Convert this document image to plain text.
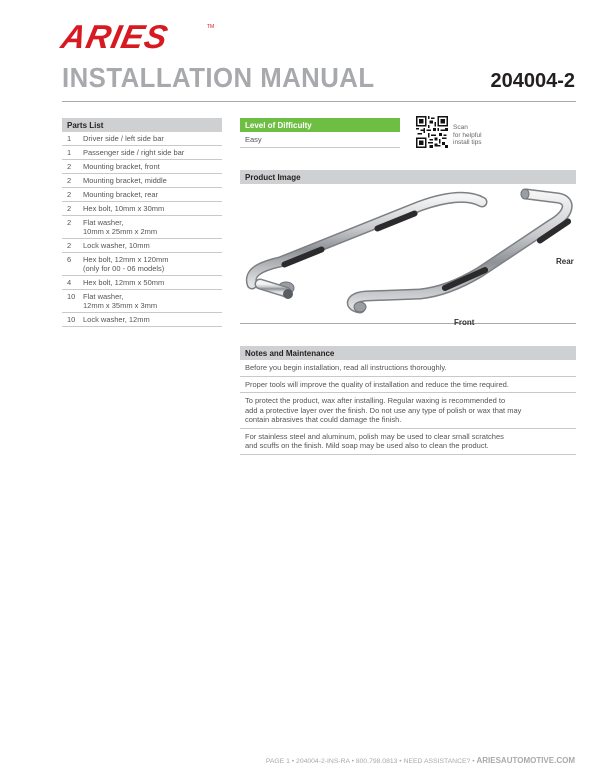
ARIES	TM
INSTALLATION MANUAL	204004-2
Parts List
1	Driver side / left side bar
1	Passenger side / right side bar
2	Mounting bracket, front
2	Mounting bracket, middle
2	Mounting bracket, rear
2	Hex bolt, 10mm x 30mm
2	Flat washer,
10mm x 25mm x 2mm
2	Lock washer, 10mm
6	Hex bolt, 12mm x 120mm
(only for 00 - 06 models)
4	Hex bolt, 12mm x 50mm
10	Flat washer,
12mm x 35mm x 3mm
10	Lock washer, 12mm
Level of Difficulty
Easy
Scan
for helpful
install tips
Product Image
Rear
Front
Notes and Maintenance
Before you begin installation, read all instructions thoroughly.
Proper tools will improve the quality of installation and reduce the time required.
To protect the product, wax after installing. Regular waxing is recommended to
add a protective layer over the finish. Do not use any type of polish or wax that may
contain abrasives that could damage the finish.
For stainless steel and aluminum, polish may be used to clear small scratches
and scuffs on the finish. Mild soap may be used also to clean the product.
PAGE 1 • 204004-2-INS-RA • 800.798.0813 • NEED ASSISTANCE? • ARIESAUTOMOTIVE.COM
